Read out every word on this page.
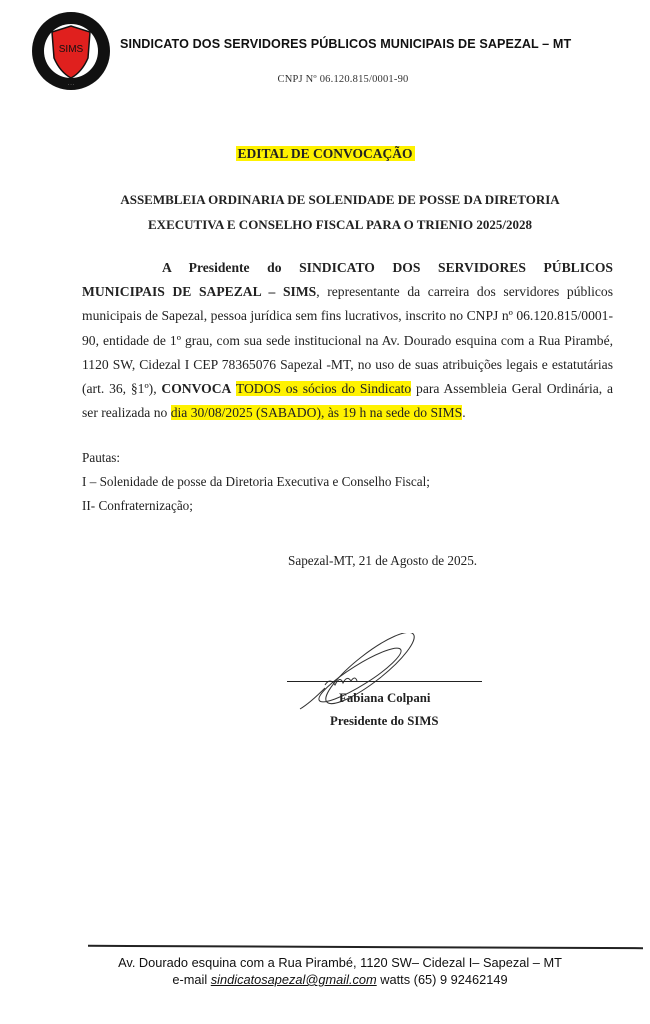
SIMS
· · ·
SINDICATO DOS SERVIDORES PÚBLICOS MUNICIPAIS DE SAPEZAL – MT
CNPJ Nº 06.120.815/0001-90
EDITAL DE CONVOCAÇÃO
ASSEMBLEIA ORDINARIA DE SOLENIDADE DE POSSE DA DIRETORIA
EXECUTIVA E CONSELHO FISCAL PARA O TRIENIO 2025/2028
A Presidente do SINDICATO DOS SERVIDORES PÚBLICOS MUNICIPAIS DE SAPEZAL – SIMS, representante da carreira dos servidores públicos municipais de Sapezal, pessoa jurídica sem fins lucrativos, inscrito no CNPJ nº 06.120.815/0001-90, entidade de 1º grau, com sua sede institucional na Av. Dourado esquina com a Rua Pirambé, 1120 SW, Cidezal I CEP 78365076 Sapezal -MT, no uso de suas atribuições legais e estatutárias (art. 36, §1º), CONVOCA TODOS os sócios do Sindicato para Assembleia Geral Ordinária, a ser realizada no dia 30/08/2025 (SABADO), às 19 h na sede do SIMS.
Pautas:
I – Solenidade de posse da Diretoria Executiva e Conselho Fiscal;
II- Confraternização;
Sapezal-MT, 21 de Agosto de 2025.
Fabiana Colpani
Presidente do SIMS
Av. Dourado esquina com a Rua Pirambé, 1120 SW– Cidezal I– Sapezal – MT
e-mail sindicatosapezal@gmail.com watts (65) 9 92462149
